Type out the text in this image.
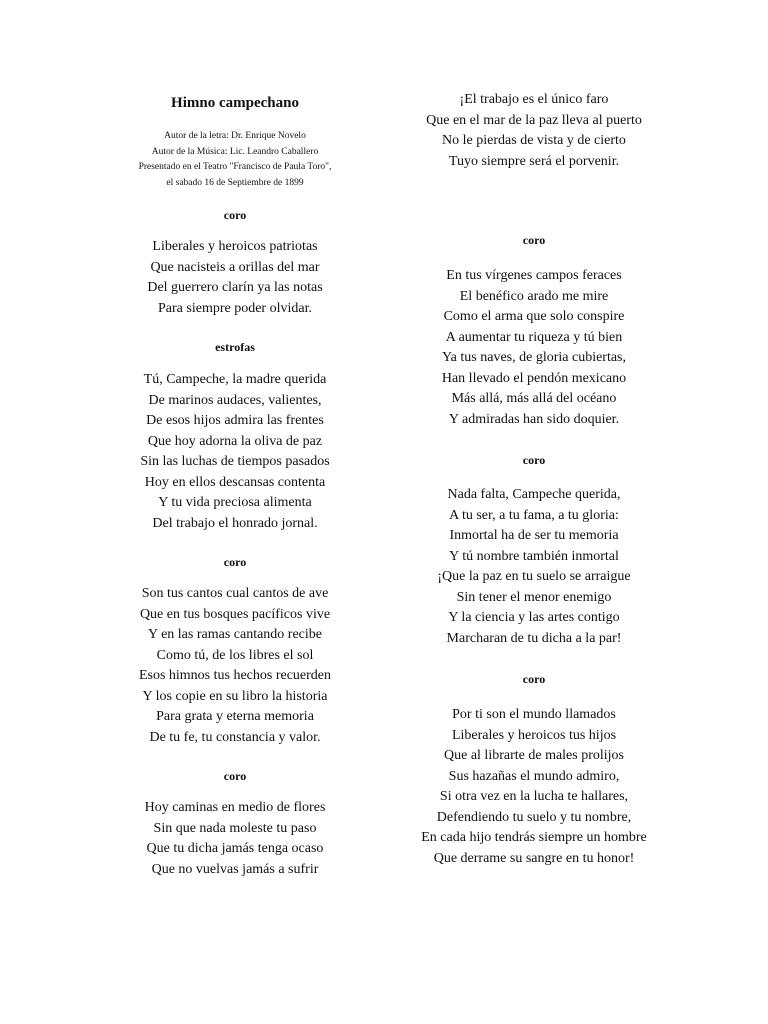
Himno campechano
Autor de la letra: Dr. Enrique Novelo
Autor de la Música: Lic. Leandro Caballero
Presentado en el Teatro "Francisco de Paula Toro",
el sabado 16 de Septiembre de 1899
coro
Liberales y heroicos patriotas
Que nacisteis a orillas del mar
Del guerrero clarín ya las notas
Para siempre poder olvidar.
estrofas
Tú, Campeche, la madre querida
De marinos audaces, valientes,
De esos hijos admira las frentes
Que hoy adorna la oliva de paz
Sin las luchas de tiempos pasados
Hoy en ellos descansas contenta
Y tu vida preciosa alimenta
Del trabajo el honrado jornal.
coro
Son tus cantos cual cantos de ave
Que en tus bosques pacíficos vive
Y en las ramas cantando recibe
Como tú, de los libres el sol
Esos himnos tus hechos recuerden
Y los copie en su libro la historia
Para grata y eterna memoria
De tu fe, tu constancia y valor.
coro
Hoy caminas en medio de flores
Sin que nada moleste tu paso
Que tu dicha jamás tenga ocaso
Que no vuelvas jamás a sufrir
¡El trabajo es el único faro
Que en el mar de la paz lleva al puerto
No le pierdas de vista y de cierto
Tuyo siempre será el porvenir.
coro
En tus vírgenes campos feraces
El benéfico arado me mire
Como el arma que solo conspire
A aumentar tu riqueza y tú bien
Ya tus naves, de gloria cubiertas,
Han llevado el pendón mexicano
Más allá, más allá del océano
Y admiradas han sido doquier.
coro
Nada falta, Campeche querida,
A tu ser, a tu fama, a tu gloria:
Inmortal ha de ser tu memoria
Y tú nombre también inmortal
¡Que la paz en tu suelo se arraigue
Sin tener el menor enemigo
Y la ciencia y las artes contigo
Marcharan de tu dicha a la par!
coro
Por ti son el mundo llamados
Liberales y heroicos tus hijos
Que al librarte de males prolijos
Sus hazañas el mundo admiro,
Si otra vez en la lucha te hallares,
Defendiendo tu suelo y tu nombre,
En cada hijo tendrás siempre un hombre
Que derrame su sangre en tu honor!
